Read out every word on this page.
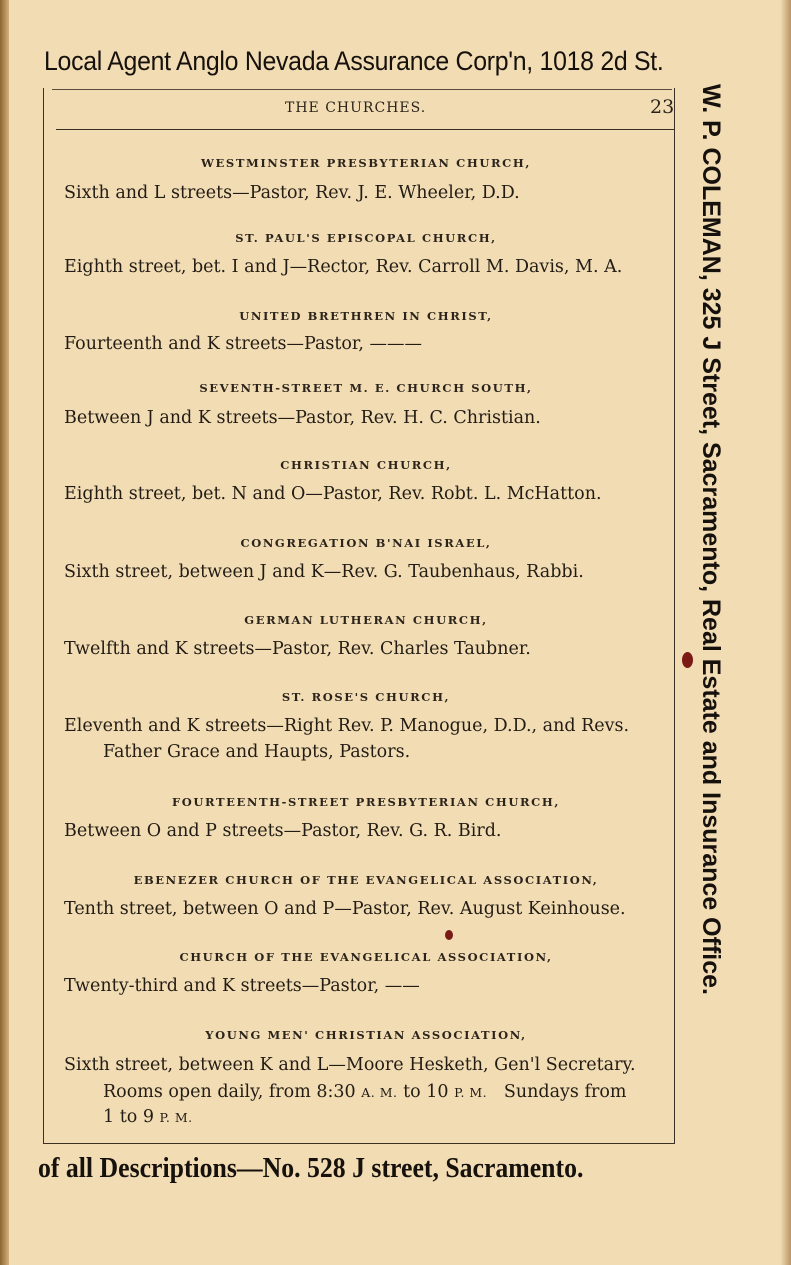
Local Agent Anglo Nevada Assurance Corp'n, 1018 2d St.
W. P. COLEMAN, 325 J Street, Sacramento, Real Estate and Insurance Office.
of all Descriptions—No. 528 J street, Sacramento.
THE CHURCHES.	23
WESTMINSTER PRESBYTERIAN CHURCH,
Sixth and L streets—Pastor, Rev. J. E. Wheeler, D.D.
ST. PAUL'S EPISCOPAL CHURCH,
Eighth street, bet. I and J—Rector, Rev. Carroll M. Davis, M. A.
UNITED BRETHREN IN CHRIST,
Fourteenth and K streets—Pastor, ———
SEVENTH-STREET M. E. CHURCH SOUTH,
Between J and K streets—Pastor, Rev. H. C. Christian.
CHRISTIAN CHURCH,
Eighth street, bet. N and O—Pastor, Rev. Robt. L. McHatton.
CONGREGATION B'NAI ISRAEL,
Sixth street, between J and K—Rev. G. Taubenhaus, Rabbi.
GERMAN LUTHERAN CHURCH,
Twelfth and K streets—Pastor, Rev. Charles Taubner.
ST. ROSE'S CHURCH,
Eleventh and K streets—Right Rev. P. Manogue, D.D., and Revs.
Father Grace and Haupts, Pastors.
FOURTEENTH-STREET PRESBYTERIAN CHURCH,
Between O and P streets—Pastor, Rev. G. R. Bird.
EBENEZER CHURCH OF THE EVANGELICAL ASSOCIATION,
Tenth street, between O and P—Pastor, Rev. August Keinhouse.
CHURCH OF THE EVANGELICAL ASSOCIATION,
Twenty-third and K streets—Pastor, ——
YOUNG MEN' CHRISTIAN ASSOCIATION,
Sixth street, between K and L—Moore Hesketh, Gen'l Secretary.
Rooms open daily, from 8:30 A. M. to 10 P. M. Sundays from
1 to 9 P. M.
